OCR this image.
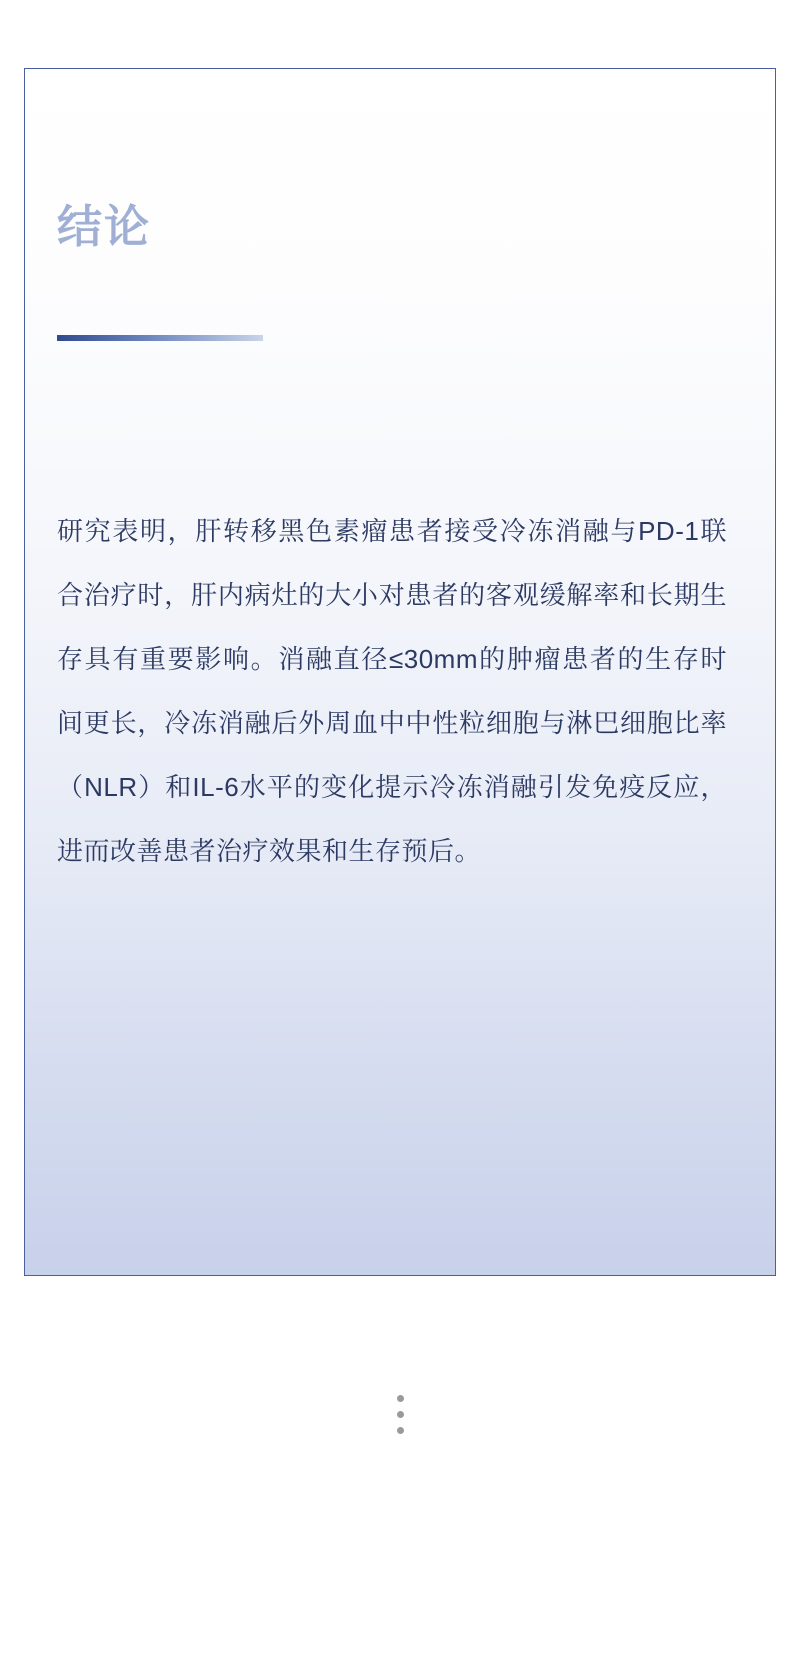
结论
研究表明，肝转移黑色素瘤患者接受冷冻消融与PD-1联合治疗时，肝内病灶的大小对患者的客观缓解率和长期生存具有重要影响。消融直径≤30mm的肿瘤患者的生存时间更长，冷冻消融后外周血中中性粒细胞与淋巴细胞比率（NLR）和IL-6水平的变化提示冷冻消融引发免疫反应，进而改善患者治疗效果和生存预后。
